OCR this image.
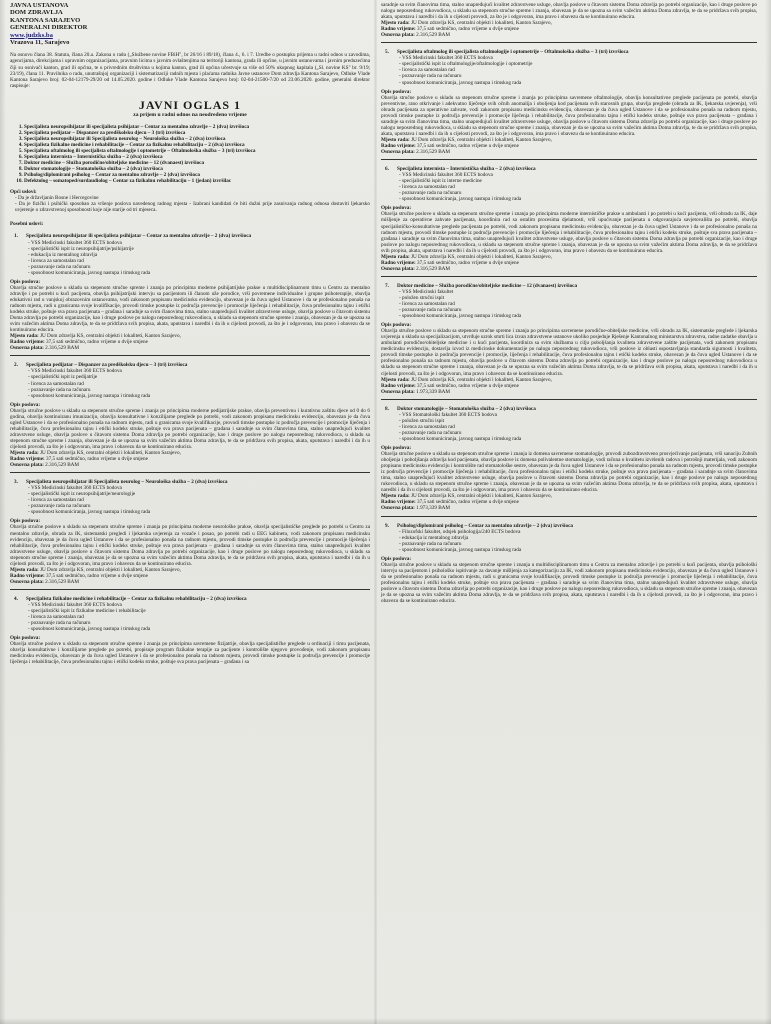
JAVNA USTANOVA
DOM ZDRAVLJA
KANTONA SARAJEVO
GENERALNI DIREKTOR
www.judzks.ba
Vrazova 11, Sarajevo
Na osnovu člana 38. Statuta, člana 20.a. Zakona o radu („Službene novine FBiH", br 26/16 i 89/18), člana 4., 6. i 7. Uredbe o postupku prijema u radni odnos u zavodima, agencijama, direkcijama i upravnim organizacijama, pravnim licima s javnim ovlaštenjima na teritoriji kantona, grada ili općine, u javnim ustanovama i javnim preduzećima čiji su osnivači kanton, grad ili općina, te u privrednim društvima u kojima kanton, grad ili općina učestvuje sa više od 50% ukupnog kapitala („Sl. novine KS" br. 9/19; 23/19), člana 11. Pravilnika o radu, unutrašnjoj organizaciji i sistematizaciji radnih mjesta i plaćama radnika Javne ustanove Dom zdravlja Kantona Sarajevo, Odluke Vlade Kantona Sarajevo broj: 02-04-12179-29/20 od 14.05.2020. godine i Odluke Vlade Kantona Sarajevo broj: 02-04-21500-7/20 od 23.06.2020. godine, generalni direktor raspisuje:
JAVNI OGLAS 1
za prijem u radni odnos na neodređeno vrijeme
1. Specijalista neuropsihijatar ili specijalista psihijatar – Centar za mentalno zdravlje – 2 (dva) izvršioca
2. Specijalista pedijatar – Dispanzer za predškolsku djecu – 3 (tri) izvršioca
3. Specijalista neuropsihijatar ili Specijalista neurolog – Neurološka služba – 2 (dva) izvršioca
4. Specijalista fizikalne medicine i rehabilitacije – Centar za fizikalnu rehabilitaciju – 2 (dva) izvršioca
5. Specijalista oftalmolog ili specijalista oftalmologije i optometrije – Oftalmološka služba – 3 (tri) izvršioca
6. Specijalista internista – Internistička služba – 2 (dva) izvršioca
7. Doktor medicine – Služba porodične/obiteljske medicine – 12 (dvanaest) izvršioca
8. Doktor stomatologije – Stomatološka služba – 2 (dva) izvršioca
9. Psiholog/diplomirani psiholog – Centar za mentalno zdravlje – 2 (dva) izvršioca
10. Defektolog – somatoped/surdaudiolog – Centar za fizikalnu rehabilitaciju – 1 (jedan) izvršilac
Opći uslovi:
- Da je državljanin Bosne i Hercegovine
- Da je fizički i psihički sposoban za vršenje poslova navedenog radnog mjesta - Izabrani kandidati će biti dužni prije zasnivanja radnog odnosa dostaviti ljekarsko uvjerenje o zdravstvenoj sposobnosti koje nije starije od tri mjeseca.
Posebni uslovi:
1. Specijalista neuropsihijatar ili specijalista psihijatar – Centar za mentalno zdravlje – 2 (dva) izvršioca
- VSS Medicinski fakultet 360 ECTS bodova
- specijalistički ispit iz neuropsihijatrije/psihijatrije
- edukacija iz mentalnog zdravlja
- licenca za samostalan rad
- poznavanje rada na računaru
- sposobnost komuniciranja, javnog nastupa i timskog rada
Opis poslova:
Obavlja stručne poslove u skladu sa stepenom stručne spreme i znanja po principima moderne psihijatrijske prakse u multidisciplinarnom timu u Centru za mentalno zdravlje i po potrebi u kući pacijenta, obavlja psihijatrijski intervju sa pacijentom ili članom uže porodice, vrši povremene individualne i grupne psihoterapije, obavlja edukativni rad u vanjskoj obrazovnim ustanovama, vodi zakonom propisanu medicinsku evidenciju, obavezan je da čuva ugled Ustanove i da se profesionalno ponaša na radnom mjestu, radi u granicama svoje kvalifikacije, provodi timske postupke iz područja prevencije i promocije liječenja i rehabilitacije, čuva profesionalnu tajnu i etički kodeks struke, poštuje sva prava pacijenata – građana i saradnje sa svim članovima tima, stalno unapređujući kvalitet zdravstvene usluge, obavlja poslove u čitavom sistemu Doma zdravlja po potrebi organizacije, kao i druge poslove po nalogu neposrednog rukovodioca, u skladu sa stepenom stručne spreme i znanja, obavezan je da se upozna sa svim važećim aktima Doma zdravlja, te da se pridržava svih propisa, akata, uputstava i naredbi i da ih u cijelosti provodi, za što je i odgovoran, ima pravo i obavezu da se kontinuirano educira.
Mjesto rada: JU Dom zdravlja KS, centralni objekti i lokaliteti, Kanton Sarajevo,
Radno vrijeme: 37,5 sati sedmično, radno vrijeme u dvije smjene
Osnovna plata: 2.316,529 BAM
2. Specijalista pedijatar – Dispanzer za predškolsku djecu – 3 (tri) izvršioca
- VSS Medicinski fakultet 360 ECTS bodova
- specijalistički ispit iz pedijatrije
- licenca za samostalan rad
- poznavanje rada na računaru
- sposobnost komuniciranja, javnog nastupa i timskog rada
Opis poslova:
Obavlja stručne poslove u skladu sa stepenom stručne spreme i znanja po principima moderne pedijatrijske prakse, obavlja preventivnu i kurativnu zaštitu djece od 0 do 6 godina, obavlja kontinuiranu imunizaciju, obavlja konsultativne i konzilijarne preglede po potrebi, vodi zakonom propisanu medicinsku evidenciju, obavezan je da čuva ugled Ustanove i da se profesionalno ponaša na radnom mjestu, radi u granicama svoje kvalifikacije, provodi timske postupke iz područja prevencije i promocije liječenja i rehabilitacije, čuva profesionalnu tajnu i etički kodeks struke, poštuje sva prava pacijenata – građana i saradnje sa svim članovima tima, stalno unapređujući kvalitet zdravstvene usluge, obavlja poslove u čitavom sistemu Doma zdravlja po potrebi organizacije, kao i druge poslove po nalogu neposrednog rukovodioca, u skladu sa stepenom stručne spreme i znanja, obavezan je da se upozna sa svim važećim aktima Doma zdravlja, te da se pridržava svih propisa, akata, uputstava i naredbi i da ih u cijelosti provodi, za što je i odgovoran, ima pravo i obavezu da se kontinuirano educira.
Mjesto rada: JU Dom zdravlja KS, centralni objekti i lokaliteti, Kanton Sarajevo,
Radno vrijeme: 37,5 sati sedmično, radno vrijeme u dvije smjene
Osnovna plata: 2.316,529 BAM
3. Specijalista neuropsihijatar ili Specijalista neurolog – Neurološka služba – 2 (dva) izvršioca
- VSS Medicinski fakultet 360 ECTS bodova
- specijalistički ispit iz neuropsihijatrije/neurologije
- licenca za samostalan rad
- poznavanje rada na računaru
- sposobnost komuniciranja, javnog nastupa i timskog rada
Opis poslova:
Obavlja stručne poslove u skladu sa stepenom stručne spreme i znanja po principima moderne neurološke prakse, obavlja specijalističke preglede po potrebi u Centru za mentalno zdravlje, obrada za IK, sistematski pregledi i ljekarska uvjerenja za vozače i posao, po potrebi radi u EEG kabinetu, vodi zakonom propisanu medicinsku evidenciju, obavezan je da čuva ugled Ustanove i da se profesionalno ponaša na radnom mjestu, provodi timske postupke iz područja prevencije i promocije liječenja i rehabilitacije, čuva profesionalnu tajnu i etički kodeks struke, poštuje sva prava pacijenata – građana i saradnje sa svim članovima tima, stalno unapređujući kvalitet zdravstvene usluge, obavlja poslove u čitavom sistemu Doma zdravlja po potrebi organizacije, kao i druge poslove po nalogu neposrednog rukovodioca, u skladu sa stepenom stručne spreme i znanja, obavezan je da se upozna sa svim važećim aktima Doma zdravlja, te da se pridržava svih propisa, akata, uputstava i naredbi i da ih u cijelosti provodi, za što je i odgovoran, ima pravo i obavezu da se kontinuirano educira.
Mjesto rada: JU Dom zdravlja KS, centralni objekti i lokaliteti, Kanton Sarajevo,
Radno vrijeme: 37,5 sati sedmično, radno vrijeme u dvije smjene
Osnovna plata: 2.316,529 BAM
4. Specijalista fizikalne medicine i rehabilitacije – Centar za fizikalnu rehabilitaciju – 2 (dva) izvršioca
- VSS Medicinski fakultet 360 ECTS bodova
- specijalistički ispit iz fizikalne medicine i rehabilitacije
- licenca za samostalan rad
- poznavanje rada na računaru
- sposobnost komuniciranja, javnog nastupa i timskog rada
Opis poslova:
Obavlja stručne poslove u skladu sa stepenom stručne spreme i znanja po principima savremene fizijatrije, obavlja specijalističke preglede u ordinaciji i timu pacijenata, obavlja konsultativne i konzilijarne preglede po potrebi, propisuje program fizikalne terapije za pacijente i kontrolište njegovo provođenje, vodi zakonom propisanu medicinsku evidenciju, obavezan je da čuva ugled Ustanove i da se profesionalno ponaša na radnom mjestu, provodi timske postupke iz područja prevencije i promocije liječenja i rehabilitacije, čuva profesionalnu tajnu i etički kodeks struke, poštuje sva prava pacijenata – građana i sa
saradnje sa svim članovima tima, stalno unapređujući kvalitet zdravstvene usluge, obavlja poslove u čitavom sistemu Doma zdravlja po potrebi organizacije, kao i druge poslove po nalogu neposrednog rukovodioca, u skladu sa stepenom stručne spreme i znanja, obavezan je da se upozna sa svim važećim aktima Doma zdravlja, te da se pridržava svih propisa, akata, uputstava i naredbi i da ih u cijelosti provodi, za što je i odgovoran, ima pravo i obavezu da se kontinuirano educira.
Mjesto rada: JU Dom zdravlja KS, centralni objekti i lokaliteti, Kanton Sarajevo,
Radno vrijeme: 37,5 sati sedmično, radno vrijeme u dvije smjene
Osnovna plata: 2.316,529 BAM
5. Specijalista oftalmolog ili specijalista oftalmologije i optometrije – Oftalmološka služba – 3 (tri) izvršioca
- VSS Medicinski fakultet 360 ECTS bodova
- specijalistički ispit iz oftalmologije/oftalmologije i optometrije
- licenca za samostalan rad
- poznavanje rada na računaru
- sposobnost komuniciranja, javnog nastupa i timskog rada
Opis poslova:
Obavlja stručne poslove u skladu sa stepenom stručne spreme i znanja po principima savremene oftalmologije, obavlja konsultativne preglede pacijenata po potrebi, obavlja preventivne, rano otkrivanje i adekvatno liječenje svih očnih anomalija i oboljenja kod pacijenata svih starosnih grupa, obavlja preglede (obrada za IK, ljekarska uvjerenja), vrši obradu pacijenata za operativne zahvate, vodi zakonom propisanu medicinsku evidenciju, obavezan je da čuva ugled Ustanove i da se profesionalno ponaša na radnom mjestu, provodi timske postupke iz područja prevencije i promocije liječenja i rehabilitacije, čuva profesionalnu tajnu i etički kodeks struke, poštuje sva prava pacijenata – građana i saradnje sa svim članovima tima, stalno unapređujući kvalitet zdravstvene usluge, obavlja poslove u čitavom sistemu Doma zdravlja po potrebi organizacije, kao i druge poslove po nalogu neposrednog rukovodioca, u skladu sa stepenom stručne spreme i znanja, obavezan je da se upozna sa svim važećim aktima Doma zdravlja, te da se pridržava svih propisa, akata, uputstava i naredbi i da ih u cijelosti provodi, za što je i odgovoran, ima pravo i obavezu da se kontinuirano educira.
Mjesto rada: JU Dom zdravlja KS, centralni objekti i lokaliteti, Kanton Sarajevo,
Radno vrijeme: 37,5 sati sedmično, radno vrijeme u dvije smjene
Osnovna plata: 2.316,529 BAM
6. Specijalista internista – Internistička služba – 2 (dva) izvršioca
- VSS Medicinski fakultet 360 ECTS bodova
- specijalistički ispit iz interne medicine
- licenca za samostalan rad
- poznavanje rada na računaru
- sposobnost komuniciranja, javnog nastupa i timskog rada
Opis poslova:
Obavlja stručne poslove u skladu sa stepenom stručne spreme i znanja po principima moderne internističke prakse u ambulanti i po potrebi u kući pacijenta, vrši obradu za IK, daje mišljenje za operativne zahvate pacijenata, koordinira rad sa ostalim procesima djelatnosti, vrši upućivanje pacijenata u odgovarajuća savjetovališta po potrebi, obavlja specijalističko-konsultativne preglede pacijenata po potrebi, vodi zakonom propisanu medicinsku evidenciju, obavezan je da čuva ugled Ustanove i da se profesionalno ponaša na radnom mjestu, provodi timske postupke iz područja prevencije i promocije liječenja i rehabilitacije, čuva profesionalnu tajnu i etički kodeks struke, poštuje sva prava pacijenata – građana i saradnje sa svim članovima tima, stalno unapređujući kvalitet zdravstvene usluge, obavlja poslove u čitavom sistemu Doma zdravlja po potrebi organizacije, kao i druge poslove po nalogu neposrednog rukovodioca, u skladu sa stepenom stručne spreme i znanja, obavezan je da se upozna sa svim važećim aktima Doma zdravlja, te da se pridržava svih propisa, akata, uputstava i naredbi i da ih u cijelosti provodi, za što je i odgovoran, ima pravo i obavezu da se kontinuirano educira.
Mjesto rada: JU Dom zdravlja KS, centralni objekti i lokaliteti, Kanton Sarajevo,
Radno vrijeme: 37,5 sati sedmično, radno vrijeme u dvije smjene
Osnovna plata: 2.316,529 BAM
7. Doktor medicine – Služba porodične/obiteljske medicine – 12 (dvanaest) izvršioca
- VSS Medicinski fakultet
- položen stručni ispit
- licenca za samostalan rad
- poznavanje rada na računaru
- sposobnost komuniciranja, javnog nastupa i timskog rada
Opis poslova:
Obavlja stručne poslove u skladu sa stepenom stručne spreme i znanja po principima savremene porodične-obiteljske medicine, vrši obradu za IK, sistematske preglede i ljekarska uvjerenja u skladu sa specijalizacijom, utvrđuje uzrok smrti lica izvan zdravstvene ustanove ukoliko posjeduje Rješenje Kantonalnog ministarstva zdravstva, radne zadatke obavlja u ambulanti porodične/obiteljske medicine i u kući pacijenta, koordinira sa svim službama u cilju poboljšanja kvaliteta zdravstvene zaštite pacijenata, vodi zakonom propisanu medicinsku evidenciju, dostavlja izvod iz medicinske dokumentacije po nalogu neposrednog rukovodioca, vrši poslove iz oblasti uspostavljanja standarda sigurnosti i kvaliteta, provodi timske postupke iz područja prevencije i promocije, liječenja i rehabilitacije, čuva profesionalnu tajnu i etički kodeks struke, obavezan je da čuva ugled Ustanove i da se profesionalno ponaša na radnom mjestu, obavlja poslove u čitavom sistemu Doma zdravlja po potrebi organizacije, kao i druge poslove po nalogu neposrednog rukovodioca u skladu sa stepenom stručne spreme i znanja, obavezan je da se upozna sa svim važećim aktima Doma zdravlja, te da se pridržava svih propisa, akata, uputstava i naredbi i da ih u cijelosti provodi, za što je i odgovoran, ima pravo i obavezu da se kontinuirano educira.
Mjesto rada: JU Dom zdravlja KS, centralni objekti i lokaliteti, Kanton Sarajevo,
Radno vrijeme: 37,5 sati sedmično, radno vrijeme u dvije smjene
Osnovna plata: 1.973,339 BAM
8. Doktor stomatologije – Stomatološka služba – 2 (dva) izvršioca
- VSS Stomatološki fakultet 360 ECTS bodova
- položen stručni ispit
- licenca za samostalan rad
- poznavanje rada na računaru
- sposobnost komuniciranja, javnog nastupa i timskog rada
Opis poslova:
Obavlja stručne poslove u skladu sa stepenom stručne spreme i znanja iz domena savremene stomatologije, provodi zubozdravstveno prosvjećivanje pacijenata, vrši sanaciju Zubnih oboljenja i poboljšanja zdravlja kod pacijenata, obavlja poslove iz domena polivalentne stomatologije, vodi računa o kvalitetu izvršenih radova i potrošnji materijala, vodi zakonom propisanu medicinsku evidenciju i kontrolište rad stomatološke sestre, obavezan je da čuva ugled Ustanove i da se profesionalno ponaša na radnom mjestu, provodi timske postupke iz područja prevencije i promocije liječenja i rehabilitacije, čuva profesionalnu tajnu i etički kodeks struke, poštuje sva prava pacijenata – građana i saradnje sa svim članovima tima, stalno unapređujući kvalitet zdravstvene usluge, obavlja poslove u čitavom sistemu Doma zdravlja po potrebi organizacije, kao i druge poslove po nalogu neposrednog rukovodioca, u skladu sa stepenom stručne spreme i znanja, obavezan je da se upozna sa svim važećim aktima Doma zdravlja, te da se pridržava svih propisa, akata, uputstava i naredbi i da ih u cijelosti provodi, za što je i odgovoran, ima pravo i obavezu da se kontinuirano educira.
Mjesto rada: JU Dom zdravlja KS, centralni objekti i lokaliteti, Kanton Sarajevo,
Radno vrijeme: 37,5 sati sedmično, radno vrijeme u dvije smjene
Osnovna plata: 1.973,339 BAM
9. Psiholog/diplomirani psiholog – Centar za mentalno zdravlje – 2 (dva) izvršioca
- Filozofski fakultet, odsjek psihologija/240 ECTS bodova
- edukacija iz mentalnog zdravlja
- poznavanje rada na računaru
- sposobnost komuniciranja, javnog nastupa i timskog rada
Opis poslova:
Obavlja stručne poslove u skladu sa stepenom stručne spreme i znanja u multidisciplinarnom timu u Centru za mentalno zdravlje i po potrebi u kući pacijenta, obavlja psihološki intervju sa pacijentom i psihološko ispitivanje za davanje mišljenja za kategorizaciju za IK, vodi zakonom propisanu medicinsku evidenciju, obavezan je da čuva ugled Ustanove i da se profesionalno ponaša na radnom mjestu, radi u granicama svoje kvalifikacije, provodi timske postupke iz područja prevencije i promocije liječenja i rehabilitacije, čuva profesionalnu tajnu i etički kodeks struke, poštuje sva prava pacijenata – građana i saradnje sa svim članovima tima, stalno unapređujući kvalitet zdravstvene usluge, obavlja poslove u čitavom sistemu Doma zdravlja po potrebi organizacije, kao i druge poslove po nalogu neposrednog rukovodioca, u skladu sa stepenom stručne spreme i znanja, obavezan je da se upozna sa svim važećim aktima Doma zdravlja, te da se pridržava svih propisa, akata, uputstava i naredbi i da ih u cijelosti provodi, za što je i odgovoran, ima pravo i obavezu da se kontinuirano educira.
